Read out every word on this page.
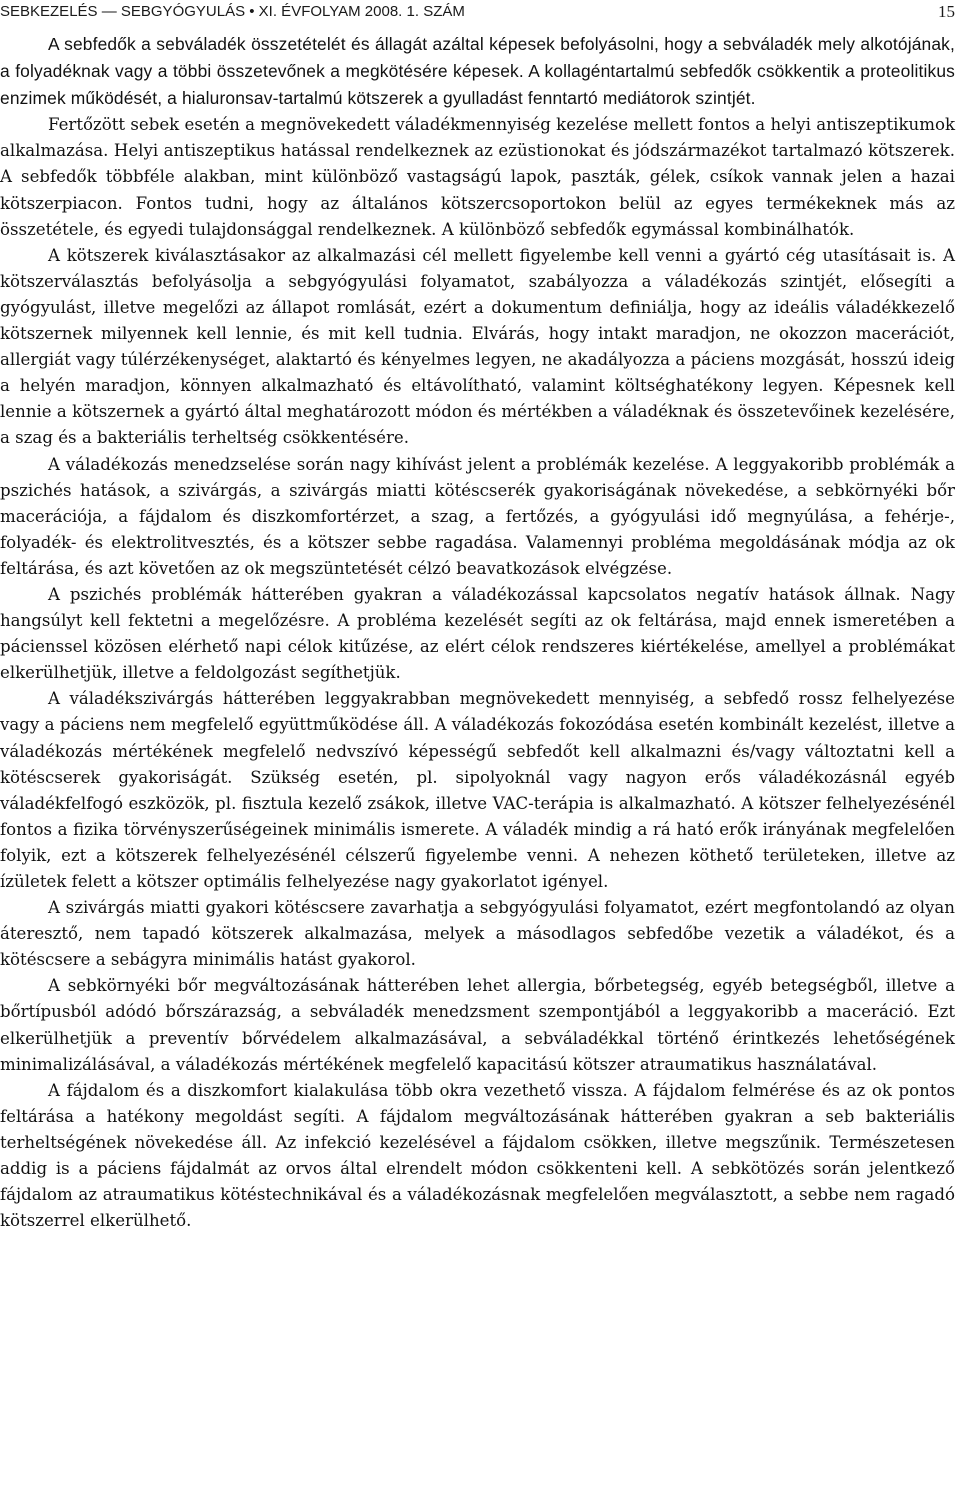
SEBKEZELÉS — SEBGYÓGYULÁS • XI. ÉVFOLYAM 2008. 1. SZÁM	15

A sebfedők a sebváladék összetételét és állagát azáltal képesek befolyásolni, hogy a sebváladék mely alkotójának, a folyadéknak vagy a többi összetevőnek a megkötésére képesek. A kollagéntartalmú sebfedők csökkentik a proteolitikus enzimek működését, a hialuronsav-tartalmú kötszerek a gyulladást fenntartó mediátorok szintjét.

Fertőzött sebek esetén a megnövekedett váladékmennyiség kezelése mellett fontos a helyi antiszeptikumok alkalmazása. Helyi antiszeptikus hatással rendelkeznek az ezüstionokat és jódszármazékot tartalmazó kötszerek. A sebfedők többféle alakban, mint különböző vastagságú lapok, paszták, gélek, csíkok vannak jelen a hazai kötszerpiacon. Fontos tudni, hogy az általános kötszercsoportokon belül az egyes termékeknek más az összetétele, és egyedi tulajdonsággal rendelkeznek. A különböző sebfedők egymással kombinálhatók.

A kötszerek kiválasztásakor az alkalmazási cél mellett figyelembe kell venni a gyártó cég utasításait is. A kötszerválasztás befolyásolja a sebgyógyulási folyamatot, szabályozza a váladékozás szintjét, elősegíti a gyógyulást, illetve megelőzi az állapot romlását, ezért a dokumentum definiálja, hogy az ideális váladékkezelő kötszernek milyennek kell lennie, és mit kell tudnia. Elvárás, hogy intakt maradjon, ne okozzon macerációt, allergiát vagy túlérzékenységet, alaktartó és kényelmes legyen, ne akadályozza a páciens mozgását, hosszú ideig a helyén maradjon, könnyen alkalmazható és eltávolítható, valamint költséghatékony legyen. Képesnek kell lennie a kötszernek a gyártó által meghatározott módon és mértékben a váladéknak és összetevőinek kezelésére, a szag és a bakteriális terheltség csökkentésére.

A váladékozás menedzselése során nagy kihívást jelent a problémák kezelése. A leggyakoribb problémák a pszichés hatások, a szivárgás, a szivárgás miatti kötéscserék gyakoriságának növekedése, a sebkörnyéki bőr macerációja, a fájdalom és diszkomfortérzet, a szag, a fertőzés, a gyógyulási idő megnyúlása, a fehérje-, folyadék- és elektrolitvesztés, és a kötszer sebbe ragadása. Valamennyi probléma megoldásának módja az ok feltárása, és azt követően az ok megszüntetését célzó beavatkozások elvégzése.

A pszichés problémák hátterében gyakran a váladékozással kapcsolatos negatív hatások állnak. Nagy hangsúlyt kell fektetni a megelőzésre. A probléma kezelését segíti az ok feltárása, majd ennek ismeretében a pácienssel közösen elérhető napi célok kitűzése, az elért célok rendszeres kiértékelése, amellyel a problémákat elkerülhetjük, illetve a feldolgozást segíthetjük.

A váladékszivárgás hátterében leggyakrabban megnövekedett mennyiség, a sebfedő rossz felhelyezése vagy a páciens nem megfelelő együttműködése áll. A váladékozás fokozódása esetén kombinált kezelést, illetve a váladékozás mértékének megfelelő nedvszívó képességű sebfedőt kell alkalmazni és/vagy változtatni kell a kötéscserek gyakoriságát. Szükség esetén, pl. sipolyoknál vagy nagyon erős váladékozásnál egyéb váladékfelfogó eszközök, pl. fisztula kezelő zsákok, illetve VAC-terápia is alkalmazható. A kötszer felhelyezésénél fontos a fizika törvényszerűségeinek minimális ismerete. A váladék mindig a rá ható erők irányának megfelelően folyik, ezt a kötszerek felhelyezésénél célszerű figyelembe venni. A nehezen köthető területeken, illetve az ízületek felett a kötszer optimális felhelyezése nagy gyakorlatot igényel.

A szivárgás miatti gyakori kötéscsere zavarhatja a sebgyógyulási folyamatot, ezért megfontolandó az olyan áteresztő, nem tapadó kötszerek alkalmazása, melyek a másodlagos sebfedőbe vezetik a váladékot, és a kötéscsere a sebágyra minimális hatást gyakorol.

A sebkörnyéki bőr megváltozásának hátterében lehet allergia, bőrbetegség, egyéb betegségből, illetve a bőrtípusból adódó bőrszárazság, a sebváladék menedzsment szempontjából a leggyakoribb a maceráció. Ezt elkerülhetjük a preventív bőrvédelem alkalmazásával, a sebváladékkal történő érintkezés lehetőségének minimalizálásával, a váladékozás mértékének megfelelő kapacitású kötszer atraumatikus használatával.

A fájdalom és a diszkomfort kialakulása több okra vezethető vissza. A fájdalom felmérése és az ok pontos feltárása a hatékony megoldást segíti. A fájdalom megváltozásának hátterében gyakran a seb bakteriális terheltségének növekedése áll. Az infekció kezelésével a fájdalom csökken, illetve megszűnik. Természetesen addig is a páciens fájdalmát az orvos által elrendelt módon csökkenteni kell. A sebkötözés során jelentkező fájdalom az atraumatikus kötéstechnikával és a váladékozásnak megfelelően megválasztott, a sebbe nem ragadó kötszerrel elkerülhető.
